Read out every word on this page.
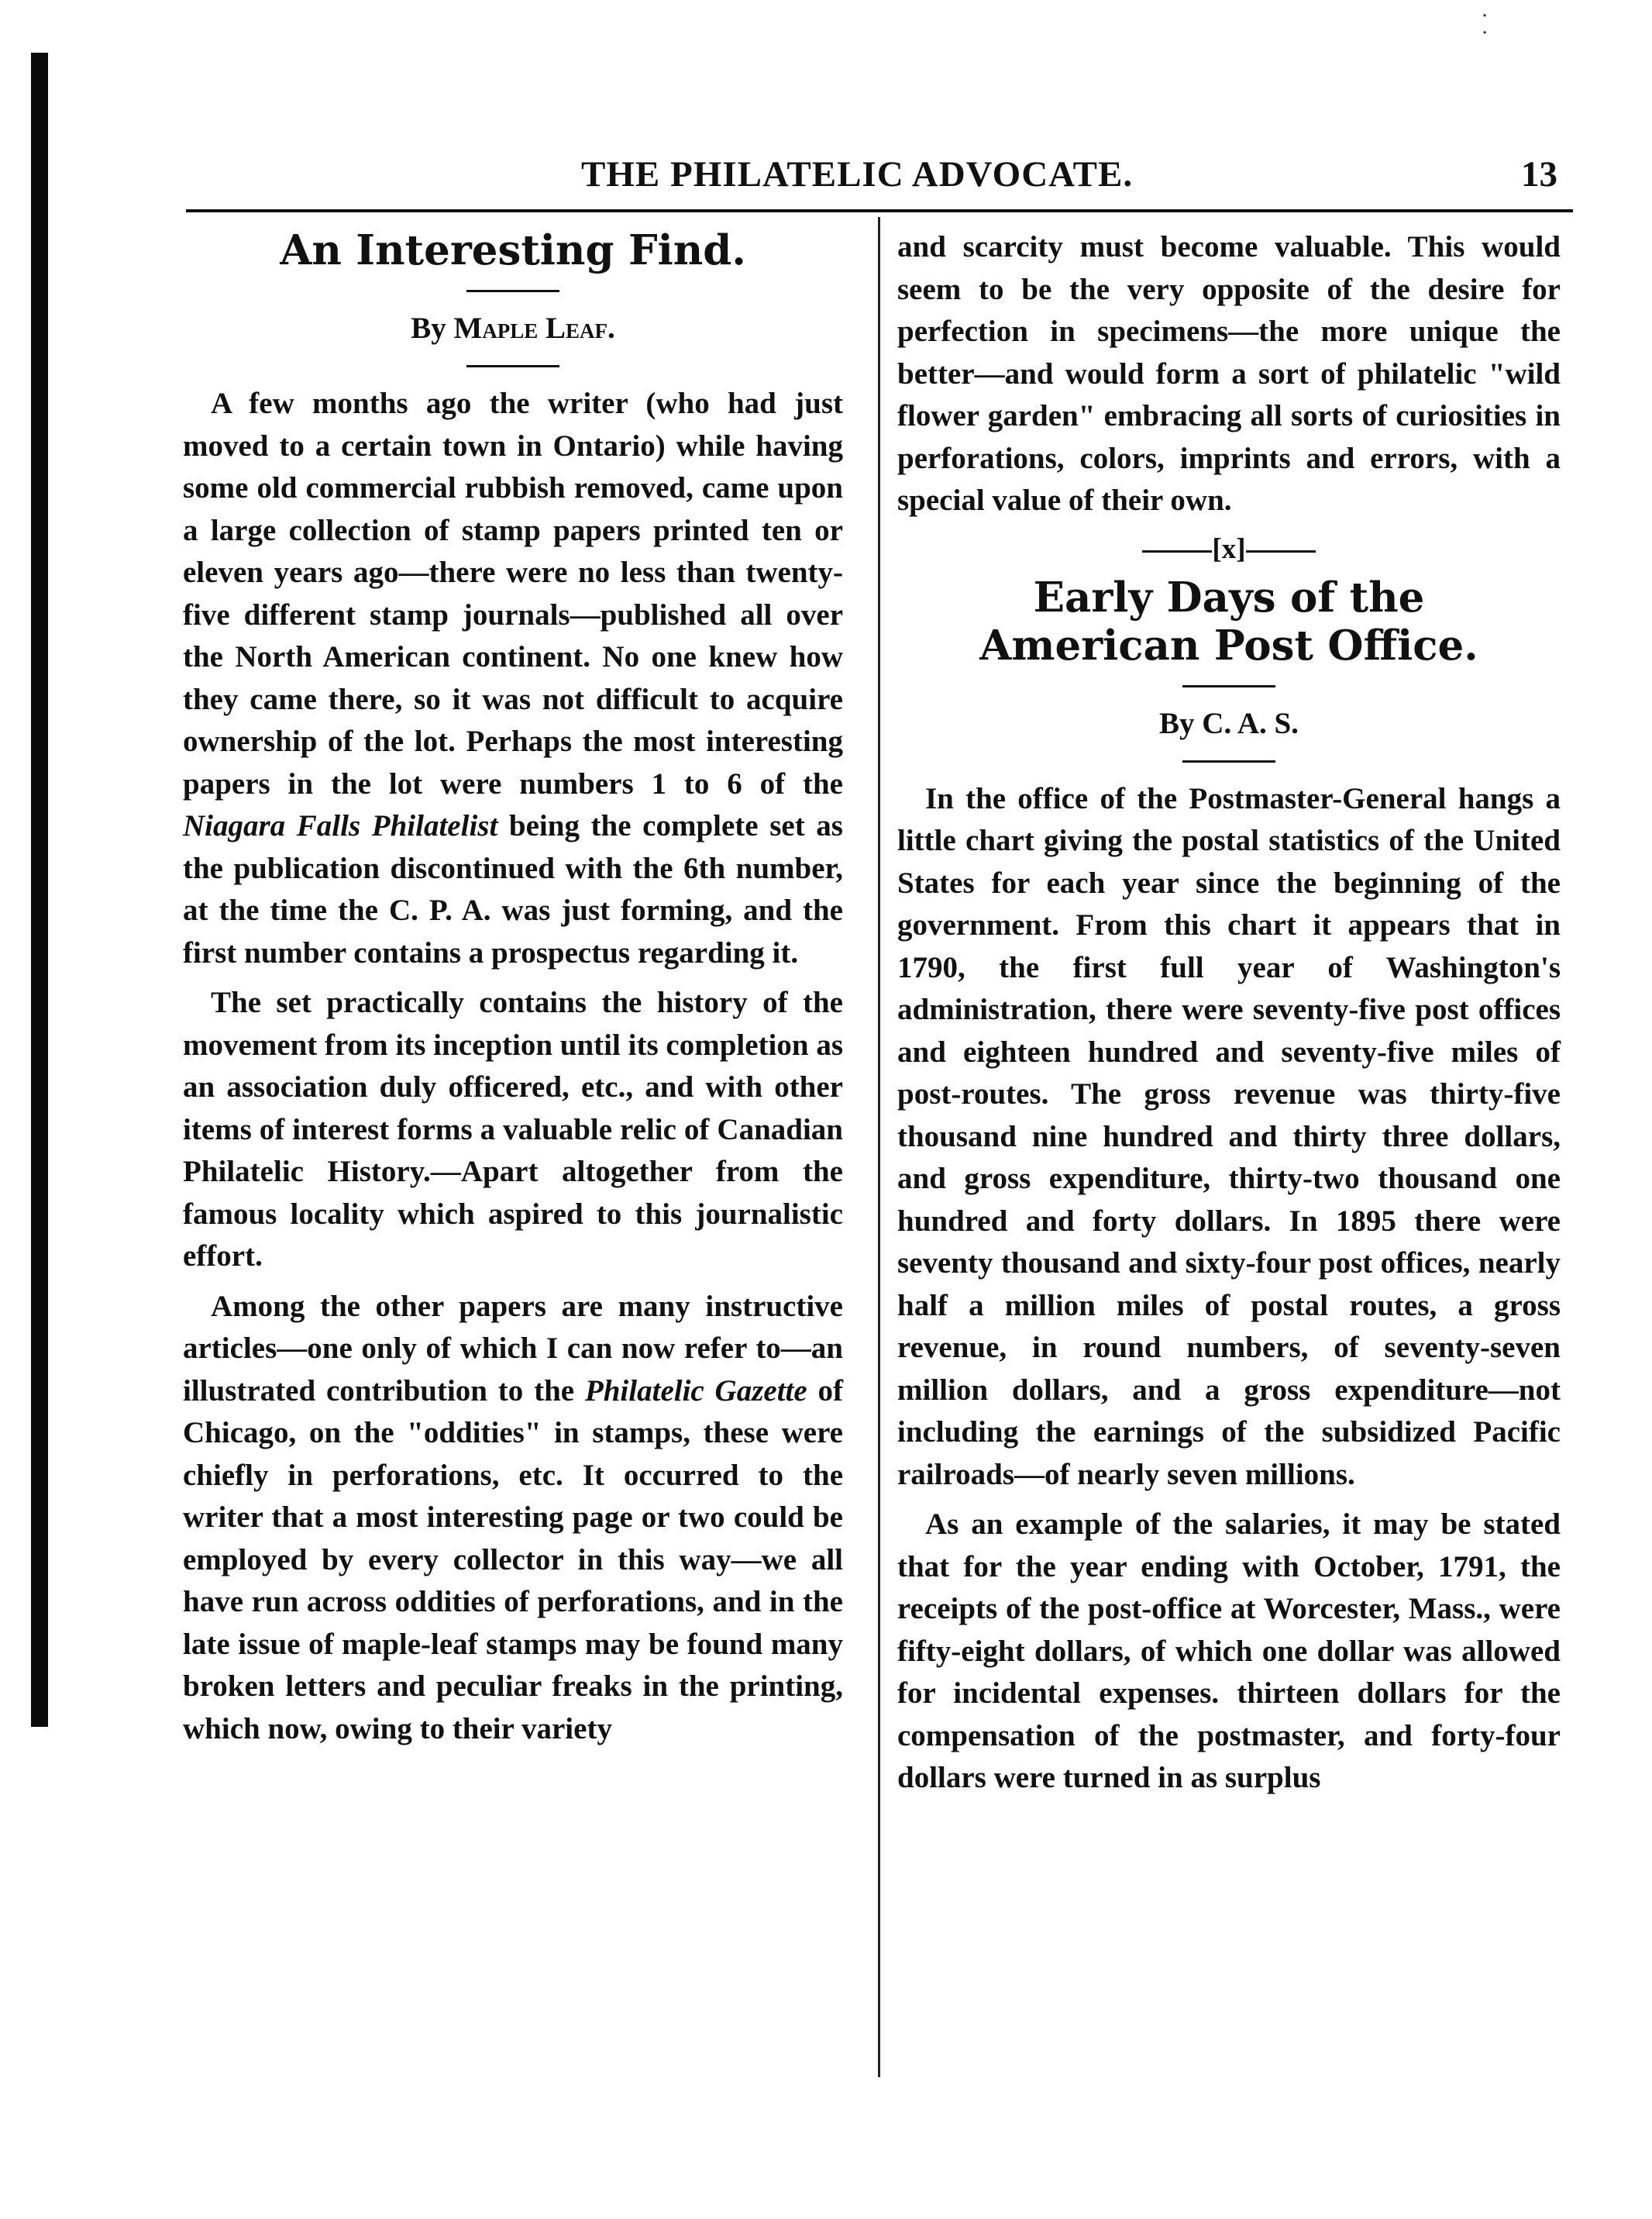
·
·
THE PHILATELIC ADVOCATE.	13
An Interesting Find.

By Maple Leaf.

A few months ago the writer (who had just moved to a certain town in Ontario) while having some old commercial rubbish removed, came upon a large collection of stamp papers printed ten or eleven years ago—there were no less than twenty-five different stamp journals—published all over the North American continent. No one knew how they came there, so it was not difficult to acquire ownership of the lot. Perhaps the most interesting papers in the lot were numbers 1 to 6 of the Niagara Falls Philatelist being the complete set as the publication discontinued with the 6th number, at the time the C. P. A. was just forming, and the first number contains a prospectus regarding it.

The set practically contains the history of the movement from its inception until its completion as an association duly officered, etc., and with other items of interest forms a valuable relic of Canadian Philatelic History.—Apart altogether from the famous locality which aspired to this journalistic effort.

Among the other papers are many instructive articles—one only of which I can now refer to—an illustrated contribution to the Philatelic Gazette of Chicago, on the "oddities" in stamps, these were chiefly in perforations, etc. It occurred to the writer that a most interesting page or two could be employed by every collector in this way—we all have run across oddities of perforations, and in the late issue of maple-leaf stamps may be found many broken letters and peculiar freaks in the printing, which now, owing to their variety

and scarcity must become valuable. This would seem to be the very opposite of the desire for perfection in specimens—the more unique the better—and would form a sort of philatelic "wild flower garden" embracing all sorts of curiosities in perforations, colors, imprints and errors, with a special value of their own.

[x]
Early Days of the
American Post Office.

By C. A. S.

In the office of the Postmaster-General hangs a little chart giving the postal statistics of the United States for each year since the beginning of the government. From this chart it appears that in 1790, the first full year of Washington's administration, there were seventy-five post offices and eighteen hundred and seventy-five miles of post-routes. The gross revenue was thirty-five thousand nine hundred and thirty three dollars, and gross expenditure, thirty-two thousand one hundred and forty dollars. In 1895 there were seventy thousand and sixty-four post offices, nearly half a million miles of postal routes, a gross revenue, in round numbers, of seventy-seven million dollars, and a gross expenditure—not including the earnings of the subsidized Pacific railroads—of nearly seven millions.

As an example of the salaries, it may be stated that for the year ending with October, 1791, the receipts of the post-office at Worcester, Mass., were fifty-eight dollars, of which one dollar was allowed for incidental expenses. thirteen dollars for the compensation of the postmaster, and forty-four dollars were turned in as surplus
